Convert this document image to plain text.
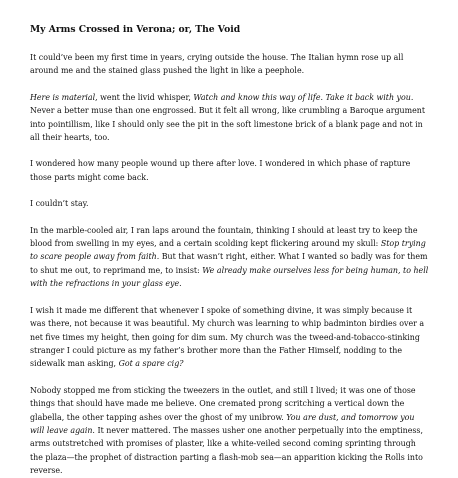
My Arms Crossed in Verona; or, The Void

It could’ve been my first time in years, crying outside the house. The Italian hymn rose up all around me and the stained glass pushed the light in like a peephole.

Here is material, went the livid whisper, Watch and know this way of life. Take it back with you. Never a better muse than one engrossed. But it felt all wrong, like crumbling a Baroque argument into pointillism, like I should only see the pit in the soft limestone brick of a blank page and not in all their hearts, too.

I wondered how many people wound up there after love. I wondered in which phase of rapture those parts might come back.

I couldn’t stay.

In the marble-cooled air, I ran laps around the fountain, thinking I should at least try to keep the blood from swelling in my eyes, and a certain scolding kept flickering around my skull: Stop trying to scare people away from faith. But that wasn’t right, either. What I wanted so badly was for them to shut me out, to reprimand me, to insist: We already make ourselves less for being human, to hell with the refractions in your glass eye.

I wish it made me different that whenever I spoke of something divine, it was simply because it was there, not because it was beautiful. My church was learning to whip badminton birdies over a net five times my height, then going for dim sum. My church was the tweed-and-tobacco-stinking stranger I could picture as my father’s brother more than the Father Himself, nodding to the sidewalk man asking, Got a spare cig?

Nobody stopped me from sticking the tweezers in the outlet, and still I lived; it was one of those things that should have made me believe. One cremated prong scritching a vertical down the glabella, the other tapping ashes over the ghost of my unibrow. You are dust, and tomorrow you will leave again. It never mattered. The masses usher one another perpetually into the emptiness, arms outstretched with promises of plaster, like a white-veiled second coming sprinting through the plaza—the prophet of distraction parting a flash-mob sea—an apparition kicking the Rolls into reverse.
